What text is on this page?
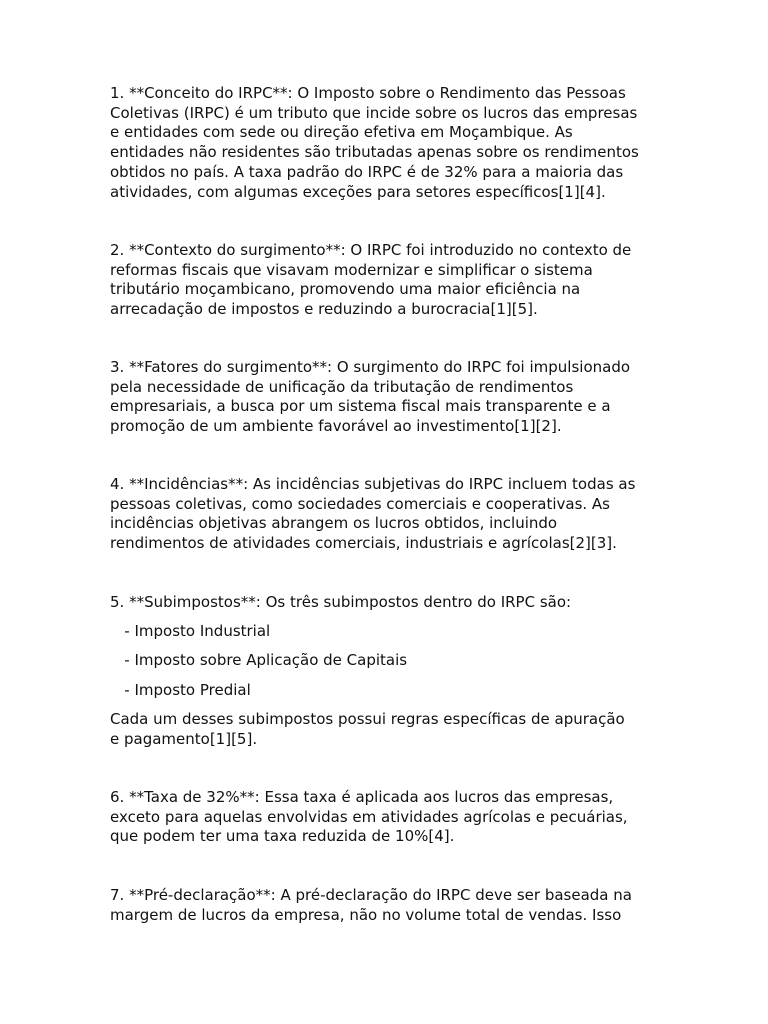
1. **Conceito do IRPC**: O Imposto sobre o Rendimento das Pessoas
Coletivas (IRPC) é um tributo que incide sobre os lucros das empresas
e entidades com sede ou direção efetiva em Moçambique. As
entidades não residentes são tributadas apenas sobre os rendimentos
obtidos no país. A taxa padrão do IRPC é de 32% para a maioria das
atividades, com algumas exceções para setores específicos[1][4].

2. **Contexto do surgimento**: O IRPC foi introduzido no contexto de
reformas fiscais que visavam modernizar e simplificar o sistema
tributário moçambicano, promovendo uma maior eficiência na
arrecadação de impostos e reduzindo a burocracia[1][5].

3. **Fatores do surgimento**: O surgimento do IRPC foi impulsionado
pela necessidade de unificação da tributação de rendimentos
empresariais, a busca por um sistema fiscal mais transparente e a
promoção de um ambiente favorável ao investimento[1][2].

4. **Incidências**: As incidências subjetivas do IRPC incluem todas as
pessoas coletivas, como sociedades comerciais e cooperativas. As
incidências objetivas abrangem os lucros obtidos, incluindo
rendimentos de atividades comerciais, industriais e agrícolas[2][3].

5. **Subimpostos**: Os três subimpostos dentro do IRPC são:

- Imposto Industrial

- Imposto sobre Aplicação de Capitais

- Imposto Predial

Cada um desses subimpostos possui regras específicas de apuração
e pagamento[1][5].

6. **Taxa de 32%**: Essa taxa é aplicada aos lucros das empresas,
exceto para aquelas envolvidas em atividades agrícolas e pecuárias,
que podem ter uma taxa reduzida de 10%[4].

7. **Pré-declaração**: A pré-declaração do IRPC deve ser baseada na
margem de lucros da empresa, não no volume total de vendas. Isso
